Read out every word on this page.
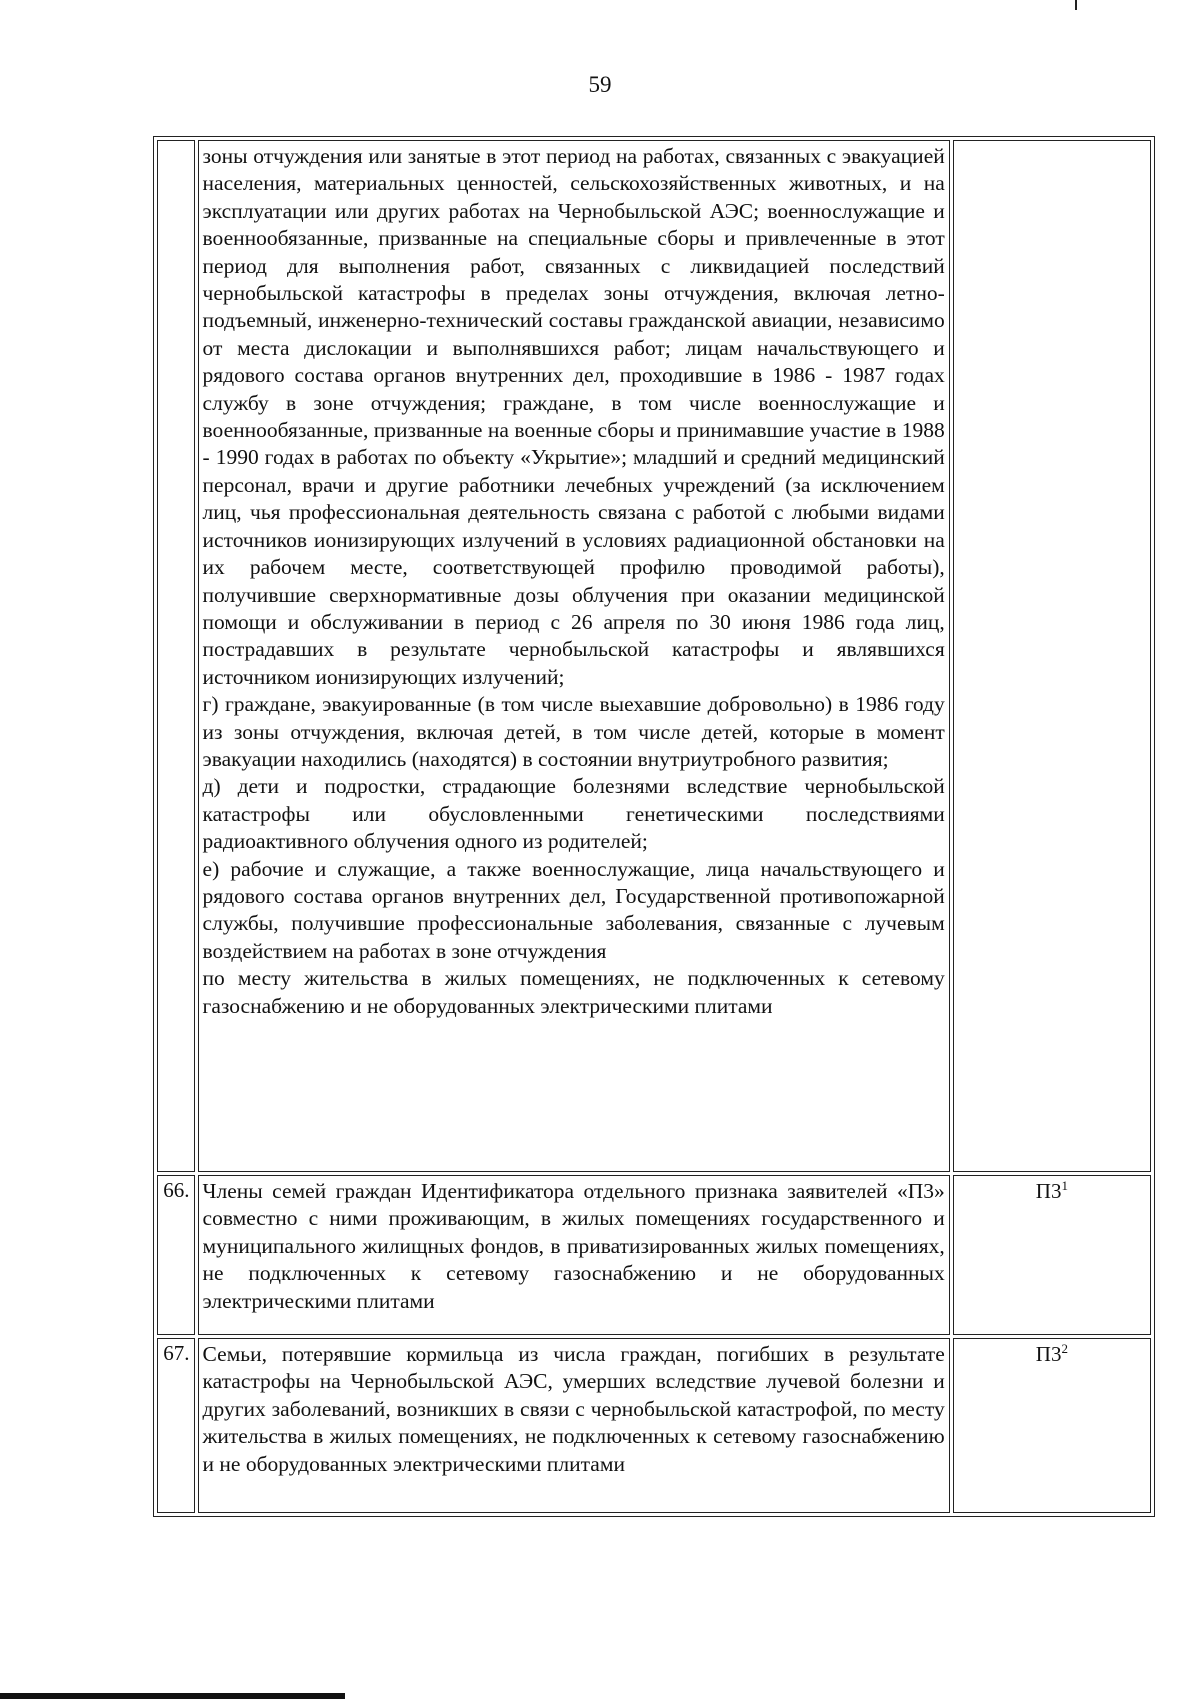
59

	зоны отчуждения или занятые в этот период на работах, связанных с эвакуацией населения, материальных ценностей, сельскохозяйственных животных, и на эксплуатации или других работах на Чернобыльской АЭС; военнослужащие и военнообязанные, призванные на специальные сборы и привлеченные в этот период для выполнения работ, связанных с ликвидацией последствий чернобыльской катастрофы в пределах зоны отчуждения, включая летно-подъемный, инженерно-технический составы гражданской авиации, независимо от места дислокации и выполнявшихся работ; лицам начальствующего и рядового состава органов внутренних дел, проходившие в 1986 - 1987 годах службу в зоне отчуждения; граждане, в том числе военнослужащие и военнообязанные, призванные на военные сборы и принимавшие участие в 1988 - 1990 годах в работах по объекту «Укрытие»; младший и средний медицинский персонал, врачи и другие работники лечебных учреждений (за исключением лиц, чья профессиональная деятельность связана с работой с любыми видами источников ионизирующих излучений в условиях радиационной обстановки на их рабочем месте, соответствующей профилю проводимой работы), получившие сверхнормативные дозы облучения при оказании медицинской помощи и обслуживании в период с 26 апреля по 30 июня 1986 года лиц, пострадавших в результате чернобыльской катастрофы и являвшихся источником ионизирующих излучений;

г) граждане, эвакуированные (в том числе выехавшие добровольно) в 1986 году из зоны отчуждения, включая детей, в том числе детей, которые в момент эвакуации находились (находятся) в состоянии внутриутробного развития;

д) дети и подростки, страдающие болезнями вследствие чернобыльской катастрофы или обусловленными генетическими последствиями радиоактивного облучения одного из родителей;

е) рабочие и служащие, а также военнослужащие, лица начальствующего и рядового состава органов внутренних дел, Государственной противопожарной службы, получившие профессиональные заболевания, связанные с лучевым воздействием на работах в зоне отчуждения

по месту жительства в жилых помещениях, не подключенных к сетевому газоснабжению и не оборудованных электрическими плитами	

66.	Члены семей граждан Идентификатора отдельного признака заявителей «П3» совместно с ними проживающим, в жилых помещениях государственного и муниципального жилищных фондов, в приватизированных жилых помещениях, не подключенных к сетевому газоснабжению и не оборудованных электрическими плитами	$П3^1$
67.	Семьи, потерявшие кормильца из числа граждан, погибших в результате катастрофы на Чернобыльской АЭС, умерших вследствие лучевой болезни и других заболеваний, возникших в связи с чернобыльской катастрофой, по месту жительства в жилых помещениях, не подключенных к сетевому газоснабжению и не оборудованных электрическими плитами	$П3^2$
